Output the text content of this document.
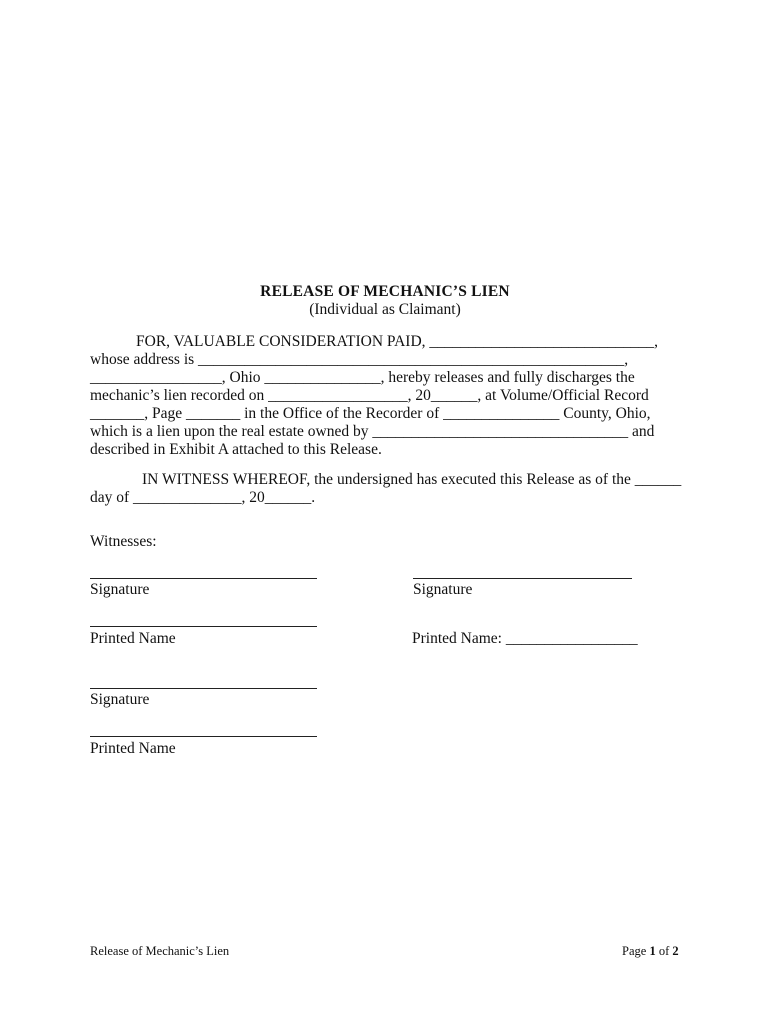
RELEASE OF MECHANIC’S LIEN
(Individual as Claimant)
FOR, VALUABLE CONSIDERATION PAID, _____________________________,
whose address is _______________________________________________________,
_________________, Ohio _______________, hereby releases and fully discharges the
mechanic’s lien recorded on __________________, 20______, at Volume/Official Record
_______, Page _______ in the Office of the Recorder of _______________ County, Ohio,
which is a lien upon the real estate owned by _________________________________ and
described in Exhibit A attached to this Release.
IN WITNESS WHEREOF, the undersigned has executed this Release as of the ______
day of ______________, 20______.
Witnesses:
Signature
Printed Name
Signature
Printed Name: _________________
Signature
Printed Name
Release of Mechanic’s Lien	Page 1 of 2
